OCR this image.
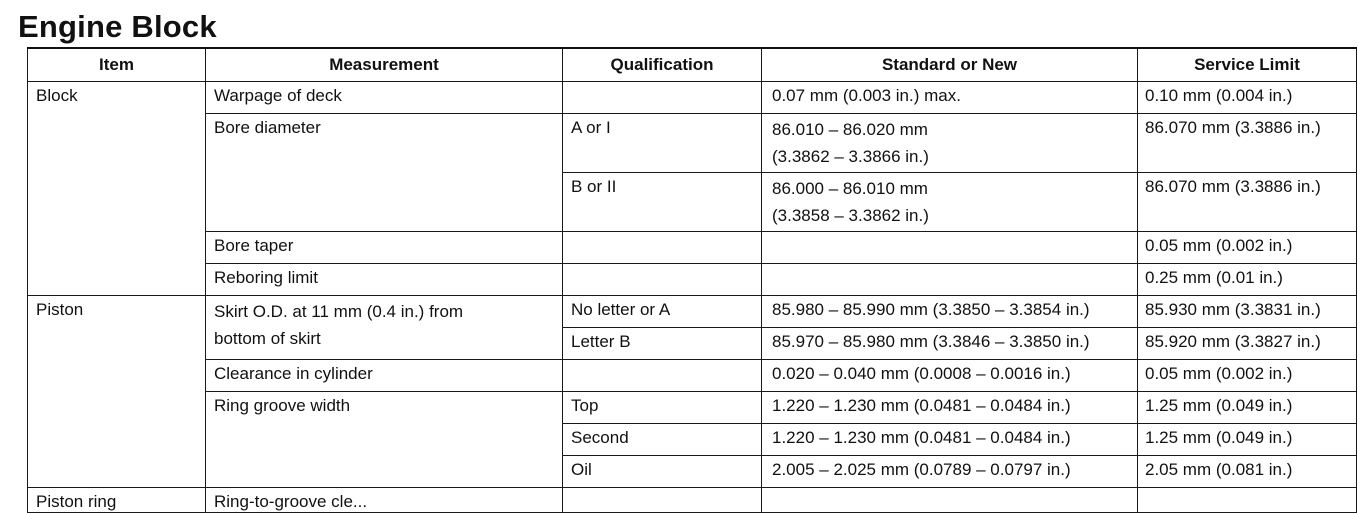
Engine Block
Item	Measurement	Qualification	Standard or New	Service Limit
Block	Warpage of deck		0.07 mm (0.003 in.) max.	0.10 mm (0.004 in.)
	Bore diameter	A or I	86.010 – 86.020 mm
(3.3862 – 3.3866 in.)	86.070 mm (3.3886 in.)
		B or II	86.000 – 86.010 mm
(3.3858 – 3.3862 in.)	86.070 mm (3.3886 in.)
	Bore taper			0.05 mm (0.002 in.)
	Reboring limit			0.25 mm (0.01 in.)
Piston	Skirt O.D. at 11 mm (0.4 in.) from
bottom of skirt	No letter or A	85.980 – 85.990 mm (3.3850 – 3.3854 in.)	85.930 mm (3.3831 in.)
		Letter B	85.970 – 85.980 mm (3.3846 – 3.3850 in.)	85.920 mm (3.3827 in.)
	Clearance in cylinder		0.020 – 0.040 mm (0.0008 – 0.0016 in.)	0.05 mm (0.002 in.)
	Ring groove width	Top	1.220 – 1.230 mm (0.0481 – 0.0484 in.)	1.25 mm (0.049 in.)
		Second	1.220 – 1.230 mm (0.0481 – 0.0484 in.)	1.25 mm (0.049 in.)
		Oil	2.005 – 2.025 mm (0.0789 – 0.0797 in.)	2.05 mm (0.081 in.)
Piston ring	Ring-to-groove cle...			
